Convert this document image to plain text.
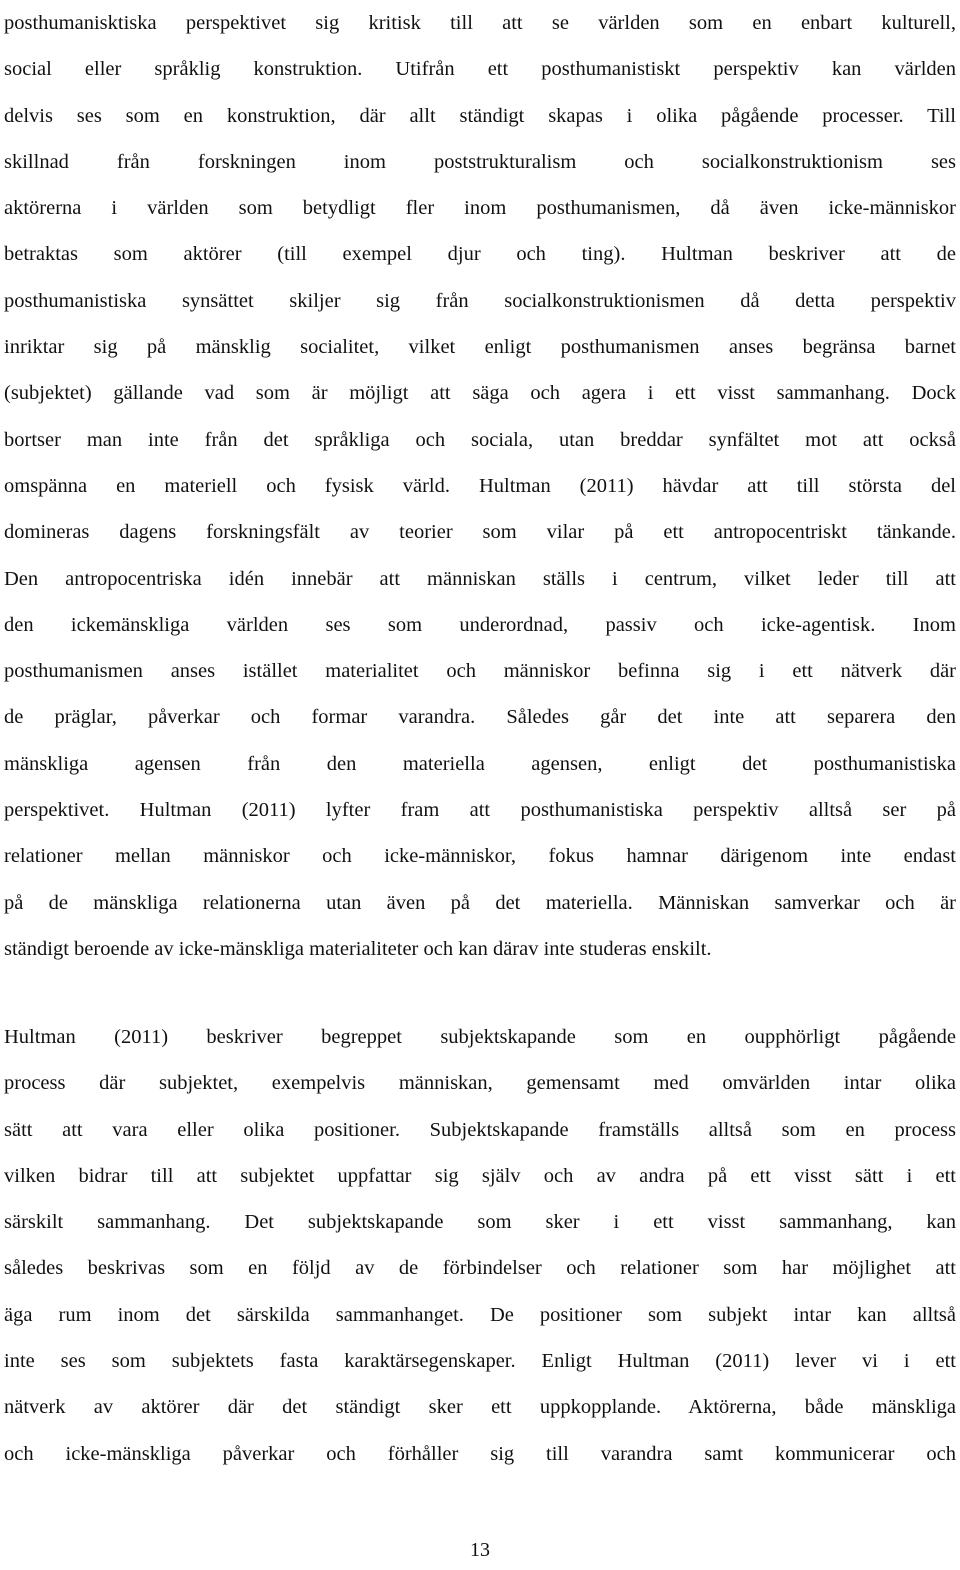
posthumanisktiska perspektivet sig kritisk till att se världen som en enbart kulturell,
social eller språklig konstruktion. Utifrån ett posthumanistiskt perspektiv kan världen
delvis ses som en konstruktion, där allt ständigt skapas i olika pågående processer. Till
skillnad från forskningen inom poststrukturalism och socialkonstruktionism ses
aktörerna i världen som betydligt fler inom posthumanismen, då även icke-människor
betraktas som aktörer (till exempel djur och ting). Hultman beskriver att de
posthumanistiska synsättet skiljer sig från socialkonstruktionismen då detta perspektiv
inriktar sig på mänsklig socialitet, vilket enligt posthumanismen anses begränsa barnet
(subjektet) gällande vad som är möjligt att säga och agera i ett visst sammanhang. Dock
bortser man inte från det språkliga och sociala, utan breddar synfältet mot att också
omspänna en materiell och fysisk värld. Hultman (2011) hävdar att till största del
domineras dagens forskningsfält av teorier som vilar på ett antropocentriskt tänkande.
Den antropocentriska idén innebär att människan ställs i centrum, vilket leder till att
den ickemänskliga världen ses som underordnad, passiv och icke-agentisk. Inom
posthumanismen anses istället materialitet och människor befinna sig i ett nätverk där
de präglar, påverkar och formar varandra. Således går det inte att separera den
mänskliga agensen från den materiella agensen, enligt det posthumanistiska
perspektivet. Hultman (2011) lyfter fram att posthumanistiska perspektiv alltså ser på
relationer mellan människor och icke-människor, fokus hamnar därigenom inte endast
på de mänskliga relationerna utan även på det materiella. Människan samverkar och är
ständigt beroende av icke-mänskliga materialiteter och kan därav inte studeras enskilt.
Hultman (2011) beskriver begreppet subjektskapande som en oupphörligt pågående
process där subjektet, exempelvis människan, gemensamt med omvärlden intar olika
sätt att vara eller olika positioner. Subjektskapande framställs alltså som en process
vilken bidrar till att subjektet uppfattar sig själv och av andra på ett visst sätt i ett
särskilt sammanhang. Det subjektskapande som sker i ett visst sammanhang, kan
således beskrivas som en följd av de förbindelser och relationer som har möjlighet att
äga rum inom det särskilda sammanhanget. De positioner som subjekt intar kan alltså
inte ses som subjektets fasta karaktärsegenskaper. Enligt Hultman (2011) lever vi i ett
nätverk av aktörer där det ständigt sker ett uppkopplande. Aktörerna, både mänskliga
och icke-mänskliga påverkar och förhåller sig till varandra samt kommunicerar och
13
